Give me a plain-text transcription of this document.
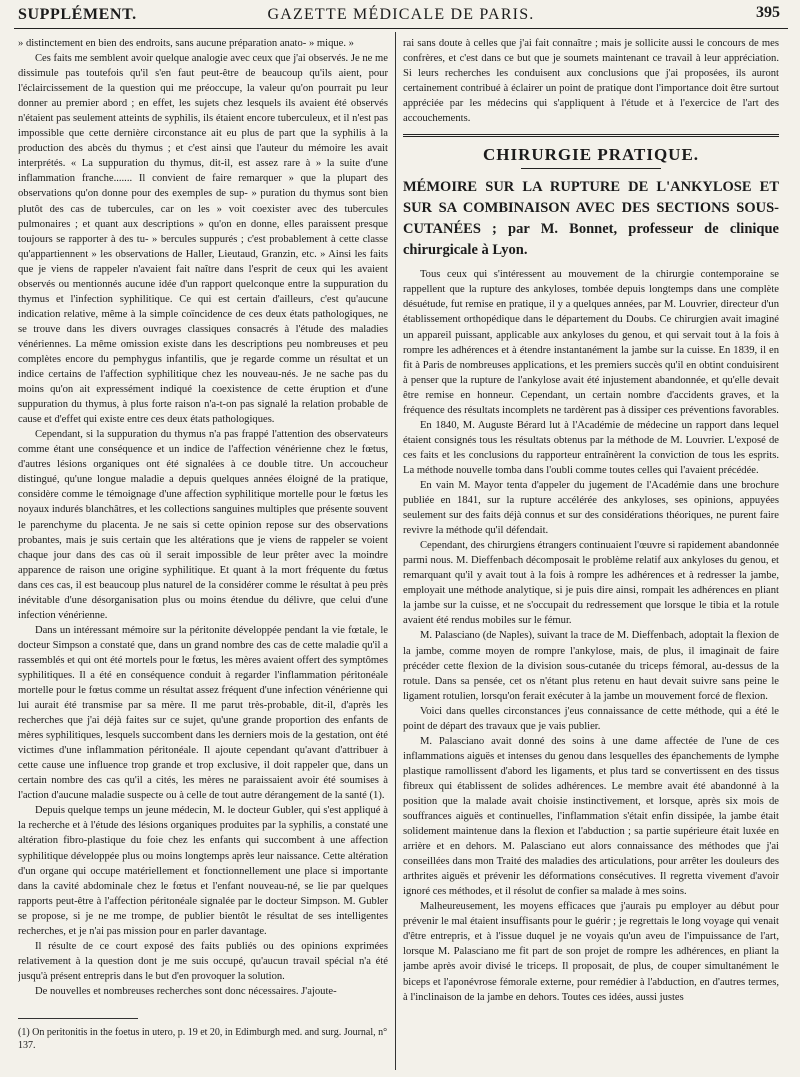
SUPPLÉMENT.	GAZETTE MÉDICALE DE PARIS.	395

» distinctement en bien des endroits, sans aucune préparation anato- » mique. »

Ces faits me semblent avoir quelque analogie avec ceux que j'ai observés. Je ne me dissimule pas toutefois qu'il s'en faut peut-être de beaucoup qu'ils aient, pour l'éclaircissement de la question qui me préoccupe, la valeur qu'on pourrait pu leur donner au premier abord ; en effet, les sujets chez lesquels ils avaient été observés n'étaient pas seulement atteints de syphilis, ils étaient encore tuberculeux, et il n'est pas impossible que cette dernière circonstance ait eu plus de part que la syphilis à la production des abcès du thymus ; et c'est ainsi que l'auteur du mémoire les avait interprétés. « La suppuration du thymus, dit-il, est assez rare à » la suite d'une inflammation franche....... Il convient de faire remarquer » que la plupart des observations qu'on donne pour des exemples de sup- » puration du thymus sont bien plutôt des cas de tubercules, car on les » voit coexister avec des tubercules pulmonaires ; et quant aux descriptions » qu'on en donne, elles paraissent presque toujours se rapporter à des tu- » bercules suppurés ; c'est probablement à cette classe qu'appartiennent » les observations de Haller, Lieutaud, Granzin, etc. » Ainsi les faits que je viens de rappeler n'avaient fait naître dans l'esprit de ceux qui les avaient observés ou mentionnés aucune idée d'un rapport quelconque entre la suppuration du thymus et l'infection syphilitique. Ce qui est certain d'ailleurs, c'est qu'aucune indication relative, même à la simple coïncidence de ces deux états pathologiques, ne se trouve dans les divers ouvrages classiques consacrés à l'étude des maladies vénériennes. La même omission existe dans les descriptions peu nombreuses et peu complètes encore du pemphygus infantilis, que je regarde comme un résultat et un indice certains de l'affection syphilitique chez les nouveau-nés. Je ne sache pas du moins qu'on ait expressément indiqué la coexistence de cette éruption et d'une suppuration du thymus, à plus forte raison n'a-t-on pas signalé la relation probable de cause et d'effet qui existe entre ces deux états pathologiques.

Cependant, si la suppuration du thymus n'a pas frappé l'attention des observateurs comme étant une conséquence et un indice de l'affection vénérienne chez le fœtus, d'autres lésions organiques ont été signalées à ce double titre. Un accoucheur distingué, qu'une longue maladie a depuis quelques années éloigné de la pratique, considère comme le témoignage d'une affection syphilitique mortelle pour le fœtus les noyaux indurés blanchâtres, et les collections sanguines multiples que présente souvent le parenchyme du placenta. Je ne sais si cette opinion repose sur des observations probantes, mais je suis certain que les altérations que je viens de rappeler se voient chaque jour dans des cas où il serait impossible de leur prêter avec la moindre apparence de raison une origine syphilitique. Et quant à la mort fréquente du fœtus dans ces cas, il est beaucoup plus naturel de la considérer comme le résultat à peu près inévitable d'une désorganisation plus ou moins étendue du délivre, que celui d'une infection vénérienne.

Dans un intéressant mémoire sur la péritonite développée pendant la vie fœtale, le docteur Simpson a constaté que, dans un grand nombre des cas de cette maladie qu'il a rassemblés et qui ont été mortels pour le fœtus, les mères avaient offert des symptômes syphilitiques. Il a été en conséquence conduit à regarder l'inflammation péritonéale mortelle pour le fœtus comme un résultat assez fréquent d'une infection vénérienne qui lui aurait été transmise par sa mère. Il me parut très-probable, dit-il, d'après les recherches que j'ai déjà faites sur ce sujet, qu'une grande proportion des enfants de mères syphilitiques, lesquels succombent dans les derniers mois de la gestation, ont été victimes d'une inflammation péritonéale. Il ajoute cependant qu'avant d'attribuer à cette cause une influence trop grande et trop exclusive, il doit rappeler que, dans un certain nombre des cas qu'il a cités, les mères ne paraissaient avoir été soumises à l'action d'aucune maladie suspecte ou à celle de tout autre dérangement de la santé (1).

Depuis quelque temps un jeune médecin, M. le docteur Gubler, qui s'est appliqué à la recherche et à l'étude des lésions organiques produites par la syphilis, a constaté une altération fibro-plastique du foie chez les enfants qui succombent à une affection syphilitique développée plus ou moins longtemps après leur naissance. Cette altération d'un organe qui occupe matériellement et fonctionnellement une place si importante dans la cavité abdominale chez le fœtus et l'enfant nouveau-né, se lie par quelques rapports peut-être à l'affection péritonéale signalée par le docteur Simpson. M. Gubler se propose, si je ne me trompe, de publier bientôt le résultat de ses intelligentes recherches, et je n'ai pas mission pour en parler davantage.

Il résulte de ce court exposé des faits publiés ou des opinions exprimées relativement à la question dont je me suis occupé, qu'aucun travail spécial n'a été jusqu'à présent entrepris dans le but d'en provoquer la solution.

De nouvelles et nombreuses recherches sont donc nécessaires. J'ajoute-

(1) On peritonitis in the foetus in utero, p. 19 et 20, in Edimburgh med. and surg. Journal, n° 137.

rai sans doute à celles que j'ai fait connaître ; mais je sollicite aussi le concours de mes confrères, et c'est dans ce but que je soumets maintenant ce travail à leur appréciation. Si leurs recherches les conduisent aux conclusions que j'ai proposées, ils auront certainement contribué à éclairer un point de pratique dont l'importance doit être surtout appréciée par les médecins qui s'appliquent à l'étude et à l'exercice de l'art des accouchements.

CHIRURGIE PRATIQUE.

MÉMOIRE SUR LA RUPTURE DE L'ANKYLOSE ET SUR SA COMBINAISON AVEC DES SECTIONS SOUS-CUTANÉES ; par M. Bonnet, professeur de clinique chirurgicale à Lyon.

Tous ceux qui s'intéressent au mouvement de la chirurgie contemporaine se rappellent que la rupture des ankyloses, tombée depuis longtemps dans une complète désuétude, fut remise en pratique, il y a quelques années, par M. Louvrier, directeur d'un établissement orthopédique dans le département du Doubs. Ce chirurgien avait imaginé un appareil puissant, applicable aux ankyloses du genou, et qui servait tout à la fois à rompre les adhérences et à étendre instantanément la jambe sur la cuisse. En 1839, il en fit à Paris de nombreuses applications, et les premiers succès qu'il en obtint conduisirent à penser que la rupture de l'ankylose avait été injustement abandonnée, et qu'elle devait être remise en honneur. Cependant, un certain nombre d'accidents graves, et la fréquence des résultats incomplets ne tardèrent pas à dissiper ces préventions favorables.

En 1840, M. Auguste Bérard lut à l'Académie de médecine un rapport dans lequel étaient consignés tous les résultats obtenus par la méthode de M. Louvrier. L'exposé de ces faits et les conclusions du rapporteur entraînèrent la conviction de tous les esprits. La méthode nouvelle tomba dans l'oubli comme toutes celles qui l'avaient précédée.

En vain M. Mayor tenta d'appeler du jugement de l'Académie dans une brochure publiée en 1841, sur la rupture accélérée des ankyloses, ses opinions, appuyées seulement sur des faits déjà connus et sur des considérations théoriques, ne purent faire revivre la méthode qu'il défendait.

Cependant, des chirurgiens étrangers continuaient l'œuvre si rapidement abandonnée parmi nous. M. Dieffenbach décomposait le problème relatif aux ankyloses du genou, et remarquant qu'il y avait tout à la fois à rompre les adhérences et à redresser la jambe, employait une méthode analytique, si je puis dire ainsi, rompait les adhérences en pliant la jambe sur la cuisse, et ne s'occupait du redressement que lorsque le tibia et la rotule avaient été rendus mobiles sur le fémur.

M. Palasciano (de Naples), suivant la trace de M. Dieffenbach, adoptait la flexion de la jambe, comme moyen de rompre l'ankylose, mais, de plus, il imaginait de faire précéder cette flexion de la division sous-cutanée du triceps fémoral, au-dessus de la rotule. Dans sa pensée, cet os n'étant plus retenu en haut devait suivre sans peine le ligament rotulien, lorsqu'on ferait exécuter à la jambe un mouvement forcé de flexion.

Voici dans quelles circonstances j'eus connaissance de cette méthode, qui a été le point de départ des travaux que je vais publier.

M. Palasciano avait donné des soins à une dame affectée de l'une de ces inflammations aiguës et intenses du genou dans lesquelles des épanchements de lymphe plastique ramollissent d'abord les ligaments, et plus tard se convertissent en des tissus fibreux qui établissent de solides adhérences. Le membre avait été abandonné à la position que la malade avait choisie instinctivement, et lorsque, après six mois de souffrances aiguës et continuelles, l'inflammation s'était enfin dissipée, la jambe était solidement maintenue dans la flexion et l'abduction ; sa partie supérieure était luxée en arrière et en dehors. M. Palasciano eut alors connaissance des méthodes que j'ai conseillées dans mon Traité des maladies des articulations, pour arrêter les douleurs des arthrites aiguës et prévenir les déformations consécutives. Il regretta vivement d'avoir ignoré ces méthodes, et il résolut de confier sa malade à mes soins.

Malheureusement, les moyens efficaces que j'aurais pu employer au début pour prévenir le mal étaient insuffisants pour le guérir ; je regrettais le long voyage qui venait d'être entrepris, et à l'issue duquel je ne voyais qu'un aveu de l'impuissance de l'art, lorsque M. Palasciano me fit part de son projet de rompre les adhérences, en pliant la jambe après avoir divisé le triceps. Il proposait, de plus, de couper simultanément le biceps et l'aponévrose fémorale externe, pour remédier à l'abduction, en d'autres termes, à l'inclinaison de la jambe en dehors. Toutes ces idées, aussi justes
